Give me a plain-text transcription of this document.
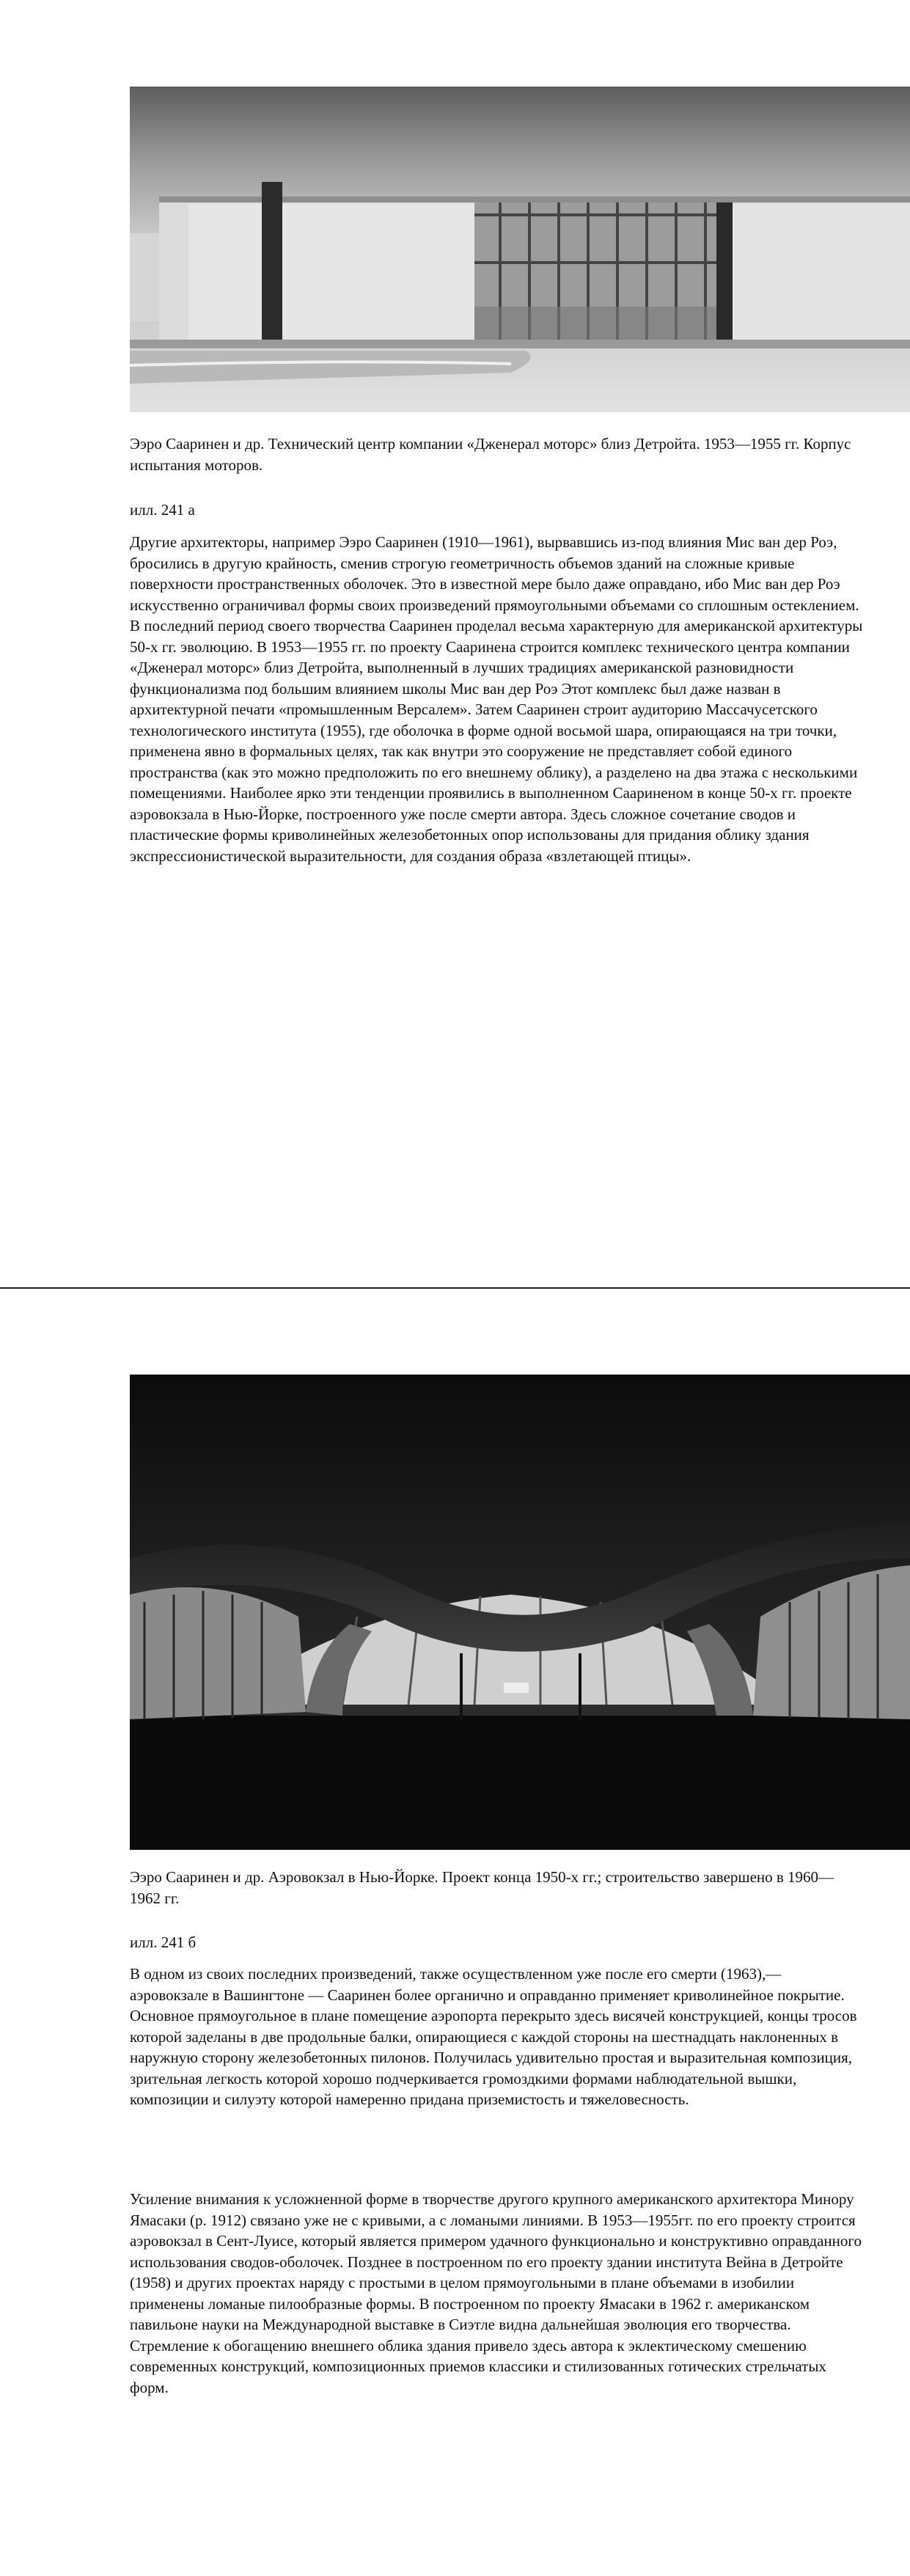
Ээро Сааринен и др. Технический центр компании «Дженерал моторс» близ Детройта. 1953—1955 гг. Корпус испытания моторов.

илл. 241 а

Другие архитекторы, например Ээро Сааринен (1910—1961), вырвавшись из-под влияния Мис ван дер Роэ, бросились в другую крайность, сменив строгую геометричность объемов зданий на сложные кривые поверхности пространственных оболочек. Это в известной мере было даже оправдано, ибо Мис ван дер Роэ искусственно ограничивал формы своих произведений прямоугольными объемами со сплошным остеклением. В последний период своего творчества Сааринен проделал весьма характерную для американской архитектуры 50-х гг. эволюцию. В 1953—1955 гг. по проекту Сааринена строится комплекс технического центра компании «Дженерал моторс» близ Детройта, выполненный в лучших традициях американской разновидности функционализма под большим влиянием школы Мис ван дер Роэ Этот комплекс был даже назван в архитектурной печати «промышленным Версалем». Затем Сааринен строит аудиторию Массачусетского технологического института (1955), где оболочка в форме одной восьмой шара, опирающаяся на три точки, применена явно в формальных целях, так как внутри это сооружение не представляет собой единого пространства (как это можно предположить по его внешнему облику), а разделено на два этажа с несколькими помещениями. Наиболее ярко эти тенденции проявились в выполненном Саариненом в конце 50-х гг. проекте аэровокзала в Нью-Йорке, построенного уже после смерти автора. Здесь сложное сочетание сводов и пластические формы криволинейных железобетонных опор использованы для придания облику здания экспрессионистической выразительности, для создания образа «взлетающей птицы».

Ээро Сааринен и др. Аэровокзал в Нью-Йорке. Проект конца 1950-х гг.; строительство завершено в 1960—1962 гг.

илл. 241 б

В одном из своих последних произведений, также осуществленном уже после его смерти (1963),— аэровокзале в Вашингтоне — Сааринен более органично и оправданно применяет криволинейное покрытие. Основное прямоугольное в плане помещение аэропорта перекрыто здесь висячей конструкцией, концы тросов которой заделаны в две продольные балки, опирающиеся с каждой стороны на шестнадцать наклоненных в наружную сторону железобетонных пилонов. Получилась удивительно простая и выразительная композиция, зрительная легкость которой хорошо подчеркивается громоздкими формами наблюдательной вышки, композиции и силуэту которой намеренно придана приземистость и тяжеловесность.

Усиление внимания к усложненной форме в творчестве другого крупного американского архитектора Минору Ямасаки (р. 1912) связано уже не с кривыми, а с ломаными линиями. В 1953—1955гг. по его проекту строится аэровокзал в Сент-Луисе, который является примером удачного функционально и конструктивно оправданного использования сводов-оболочек. Позднее в построенном по его проекту здании института Вейна в Детройте (1958) и других проектах наряду с простыми в целом прямоугольными в плане объемами в изобилии применены ломаные пилообразные формы. В построенном по проекту Ямасаки в 1962 г. американском павильоне науки на Международной выставке в Сиэтле видна дальнейшая эволюция его творчества. Стремление к обогащению внешнего облика здания привело здесь автора к эклектическому смешению современных конструкций, композиционных приемов классики и стилизованных готических стрельчатых форм.
